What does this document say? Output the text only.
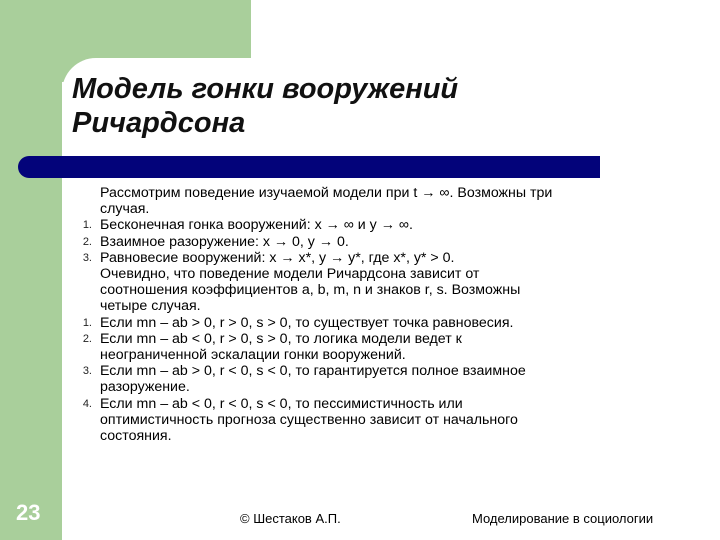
Модель гонки вооружений
Ричардсона
Рассмотрим поведение изучаемой модели при t → ∞. Возможны три
случая.
1. Бесконечная гонка вооружений: x → ∞ и y → ∞.
2. Взаимное разоружение: x → 0, y → 0.
3. Равновесие вооружений: x → x*, y → y*, где x*, y* > 0.
Очевидно, что поведение модели Ричардсона зависит от
соотношения коэффициентов a, b, m, n и знаков r, s. Возможны
четыре случая.
1. Если mn – ab > 0, r > 0, s > 0, то существует точка равновесия.
2. Если mn – ab < 0, r > 0, s > 0, то логика модели ведет к
неограниченной эскалации гонки вооружений.
3. Если mn – ab > 0, r < 0, s < 0, то гарантируется полное взаимное
разоружение.
4. Если mn – ab < 0, r < 0, s < 0, то пессимистичность или
оптимистичность прогноза существенно зависит от начального
состояния.
23	© Шестаков А.П.	Моделирование в социологии
